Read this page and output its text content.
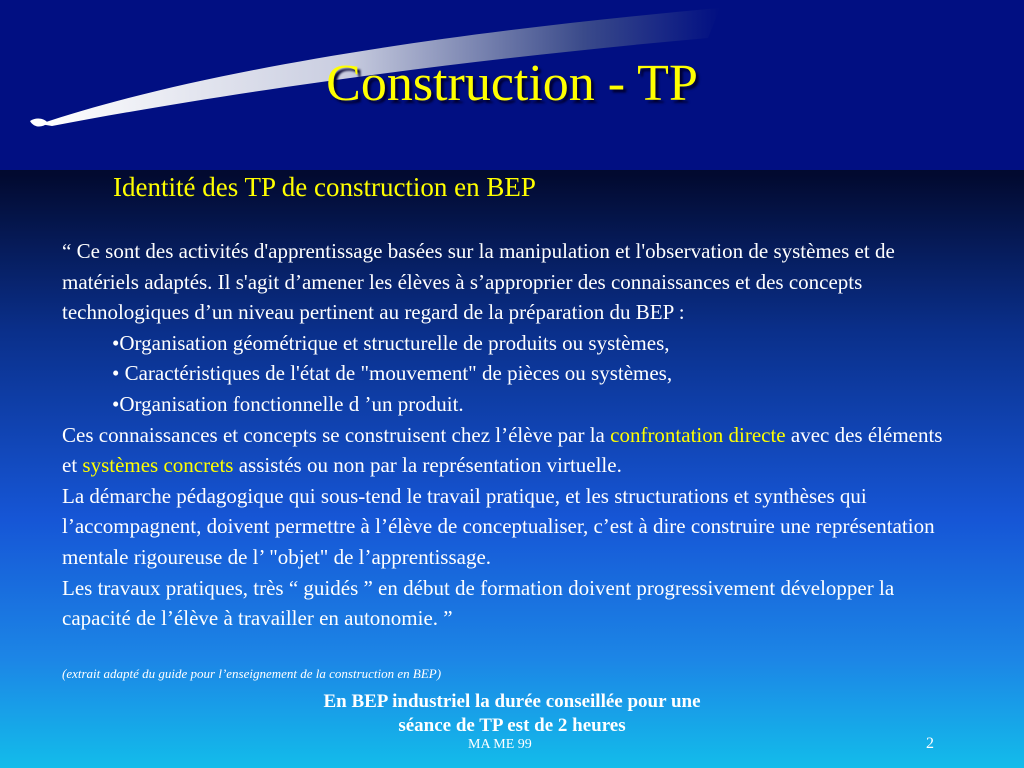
Construction - TP
Identité des TP de construction en BEP

“ Ce sont des activités d'apprentissage basées sur la manipulation et l'observation de systèmes et de matériels adaptés. Il s'agit d’amener les élèves à s’approprier des connaissances et des concepts technologiques d’un niveau pertinent au regard de la préparation du BEP :

•Organisation géométrique et structurelle de produits ou systèmes,

• Caractéristiques de l'état de "mouvement" de pièces ou systèmes,

•Organisation fonctionnelle d ’un produit.

Ces connaissances et concepts se construisent chez l’élève par la confrontation directe avec des éléments et systèmes concrets assistés ou non par la représentation virtuelle.

La démarche pédagogique qui sous-tend le travail pratique, et les structurations et synthèses qui l’accompagnent, doivent permettre à l’élève de conceptualiser, c’est à dire construire une représentation mentale rigoureuse de l’ "objet" de l’apprentissage.

Les travaux pratiques, très “ guidés ” en début de formation doivent progressivement développer la capacité de l’élève à travailler en autonomie. ”

(extrait adapté du guide pour l’enseignement de la construction en BEP)
En BEP industriel la durée conseillée pour une
séance de TP est de 2 heures
MA ME 99	2
